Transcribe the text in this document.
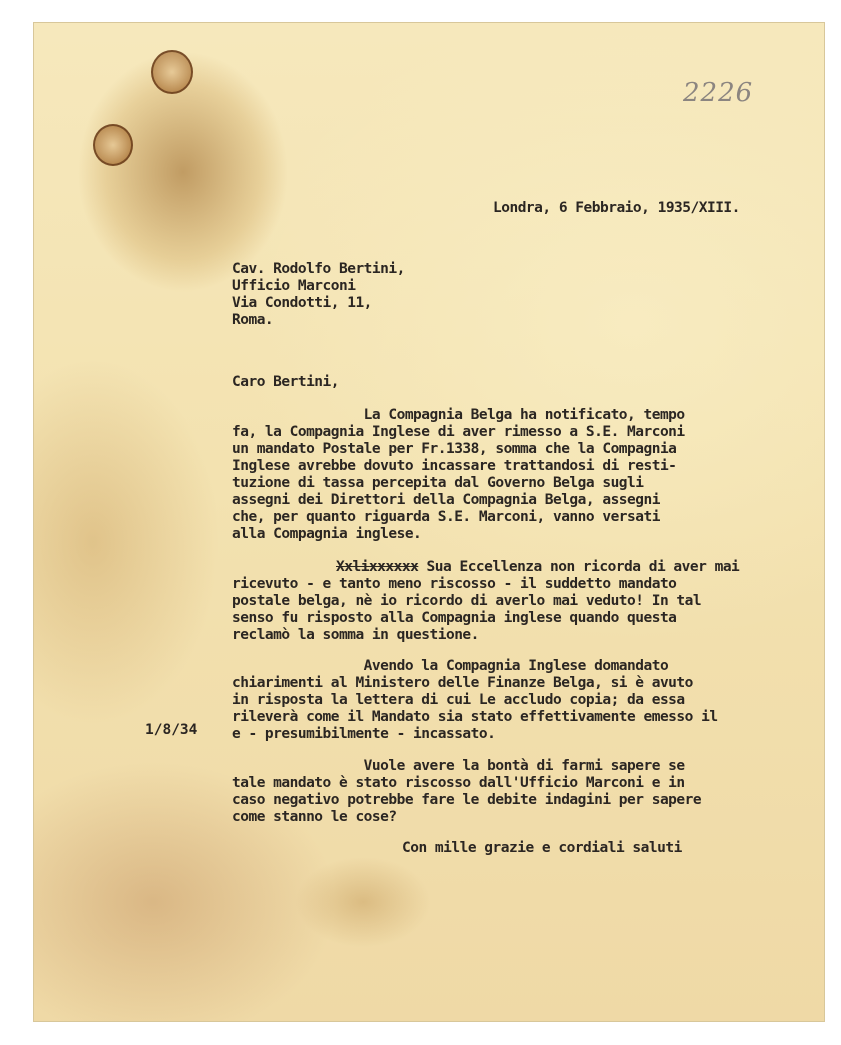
2226
Londra, 6 Febbraio, 1935/XIII.
Cav. Rodolfo Bertini,
Ufficio Marconi
Via Condotti, 11,
Roma.
Caro Bertini,
La Compagnia Belga ha notificato, tempo
fa, la Compagnia Inglese di aver rimesso a S.E. Marconi
un mandato Postale per Fr.1338, somma che la Compagnia
Inglese avrebbe dovuto incassare trattandosi di resti-
tuzione di tassa percepita dal Governo Belga sugli
assegni dei Direttori della Compagnia Belga, assegni
che, per quanto riguarda S.E. Marconi, vanno versati
alla Compagnia inglese.
Xxlixxxxxx Sua Eccellenza non ricorda di aver mai
ricevuto - e tanto meno riscosso - il suddetto mandato
postale belga, nè io ricordo di averlo mai veduto! In tal
senso fu risposto alla Compagnia inglese quando questa
reclamò la somma in questione.
Avendo la Compagnia Inglese domandato
chiarimenti al Ministero delle Finanze Belga, si è avuto
in risposta la lettera di cui Le accludo copia; da essa
rileverà come il Mandato sia stato effettivamente emesso il
e - presumibilmente - incassato.
1/8/34
Vuole avere la bontà di farmi sapere se
tale mandato è stato riscosso dall'Ufficio Marconi e in
caso negativo potrebbe fare le debite indagini per sapere
come stanno le cose?
Con mille grazie e cordiali saluti
